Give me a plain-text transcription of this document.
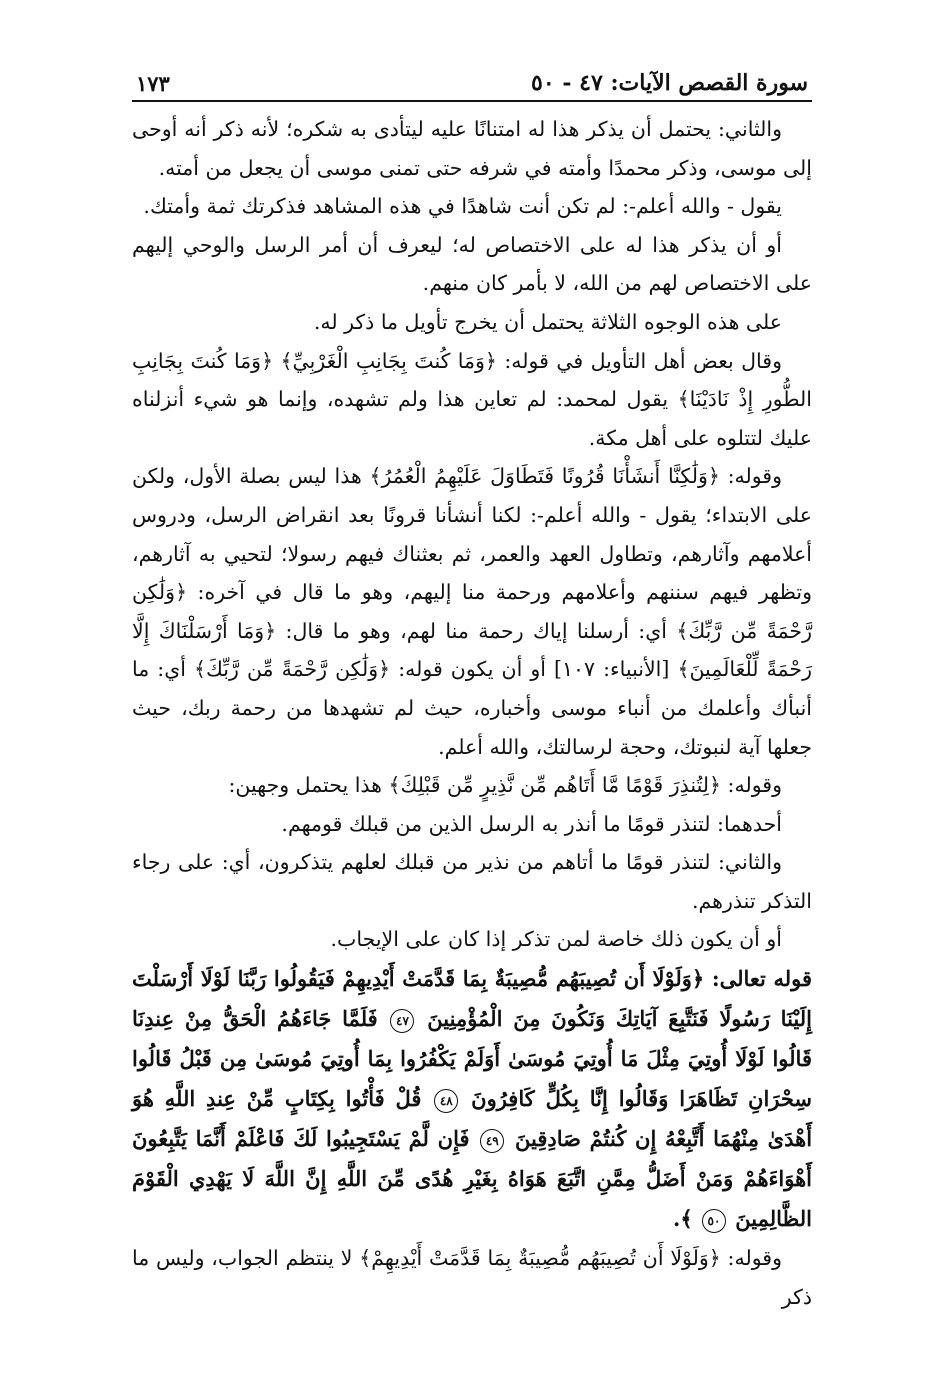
سورة القصص الآيات: ٤٧ - ٥٠
١٧٣

والثاني: يحتمل أن يذكر هذا له امتنانًا عليه ليتأدى به شكره؛ لأنه ذكر أنه أوحى إلى موسى، وذكر محمدًا وأمته في شرفه حتى تمنى موسى أن يجعل من أمته.

يقول - والله أعلم-: لم تكن أنت شاهدًا في هذه المشاهد فذكرتك ثمة وأمتك.

أو أن يذكر هذا له على الاختصاص له؛ ليعرف أن أمر الرسل والوحي إليهم على الاختصاص لهم من الله، لا بأمر كان منهم.

على هذه الوجوه الثلاثة يحتمل أن يخرج تأويل ما ذكر له.

وقال بعض أهل التأويل في قوله: ﴿وَمَا كُنتَ بِجَانِبِ الْغَرْبِيِّ﴾ ﴿وَمَا كُنتَ بِجَانِبِ الطُّورِ إِذْ نَادَيْنَا﴾ يقول لمحمد: لم تعاين هذا ولم تشهده، وإنما هو شيء أنزلناه عليك لتتلوه على أهل مكة.

وقوله: ﴿وَلَٰكِنَّا أَنشَأْنَا قُرُونًا فَتَطَاوَلَ عَلَيْهِمُ الْعُمُرُ﴾ هذا ليس بصلة الأول، ولكن على الابتداء؛ يقول - والله أعلم-: لكنا أنشأنا قرونًا بعد انقراض الرسل، ودروس أعلامهم وآثارهم، وتطاول العهد والعمر، ثم بعثناك فيهم رسولا؛ لتحيي به آثارهم، وتظهر فيهم سننهم وأعلامهم ورحمة منا إليهم، وهو ما قال في آخره: ﴿وَلَٰكِن رَّحْمَةً مِّن رَّبِّكَ﴾ أي: أرسلنا إياك رحمة منا لهم، وهو ما قال: ﴿وَمَا أَرْسَلْنَاكَ إِلَّا رَحْمَةً لِّلْعَالَمِينَ﴾ [الأنبياء: ١٠٧] أو أن يكون قوله: ﴿وَلَٰكِن رَّحْمَةً مِّن رَّبِّكَ﴾ أي: ما أنبأك وأعلمك من أنباء موسى وأخباره، حيث لم تشهدها من رحمة ربك، حيث جعلها آية لنبوتك، وحجة لرسالتك، والله أعلم.

وقوله: ﴿لِتُنذِرَ قَوْمًا مَّا أَتَاهُم مِّن نَّذِيرٍ مِّن قَبْلِكَ﴾ هذا يحتمل وجهين:

أحدهما: لتنذر قومًا ما أنذر به الرسل الذين من قبلك قومهم.

والثاني: لتنذر قومًا ما أتاهم من نذير من قبلك لعلهم يتذكرون، أي: على رجاء التذكر تنذرهم.

أو أن يكون ذلك خاصة لمن تذكر إذا كان على الإيجاب.

قوله تعالى: ﴿وَلَوْلَا أَن تُصِيبَهُم مُّصِيبَةٌ بِمَا قَدَّمَتْ أَيْدِيهِمْ فَيَقُولُوا رَبَّنَا لَوْلَا أَرْسَلْتَ إِلَيْنَا رَسُولًا فَنَتَّبِعَ آيَاتِكَ وَنَكُونَ مِنَ الْمُؤْمِنِينَ ٤٧ فَلَمَّا جَاءَهُمُ الْحَقُّ مِنْ عِندِنَا قَالُوا لَوْلَا أُوتِيَ مِثْلَ مَا أُوتِيَ مُوسَىٰ أَوَلَمْ يَكْفُرُوا بِمَا أُوتِيَ مُوسَىٰ مِن قَبْلُ قَالُوا سِحْرَانِ تَظَاهَرَا وَقَالُوا إِنَّا بِكُلٍّ كَافِرُونَ ٤٨ قُلْ فَأْتُوا بِكِتَابٍ مِّنْ عِندِ اللَّهِ هُوَ أَهْدَىٰ مِنْهُمَا أَتَّبِعْهُ إِن كُنتُمْ صَادِقِينَ ٤٩ فَإِن لَّمْ يَسْتَجِيبُوا لَكَ فَاعْلَمْ أَنَّمَا يَتَّبِعُونَ أَهْوَاءَهُمْ وَمَنْ أَضَلُّ مِمَّنِ اتَّبَعَ هَوَاهُ بِغَيْرِ هُدًى مِّنَ اللَّهِ إِنَّ اللَّهَ لَا يَهْدِي الْقَوْمَ الظَّالِمِينَ ٥٠ ﴾.

وقوله: ﴿وَلَوْلَا أَن تُصِيبَهُم مُّصِيبَةٌ بِمَا قَدَّمَتْ أَيْدِيهِمْ﴾ لا ينتظم الجواب، وليس ما ذكر
